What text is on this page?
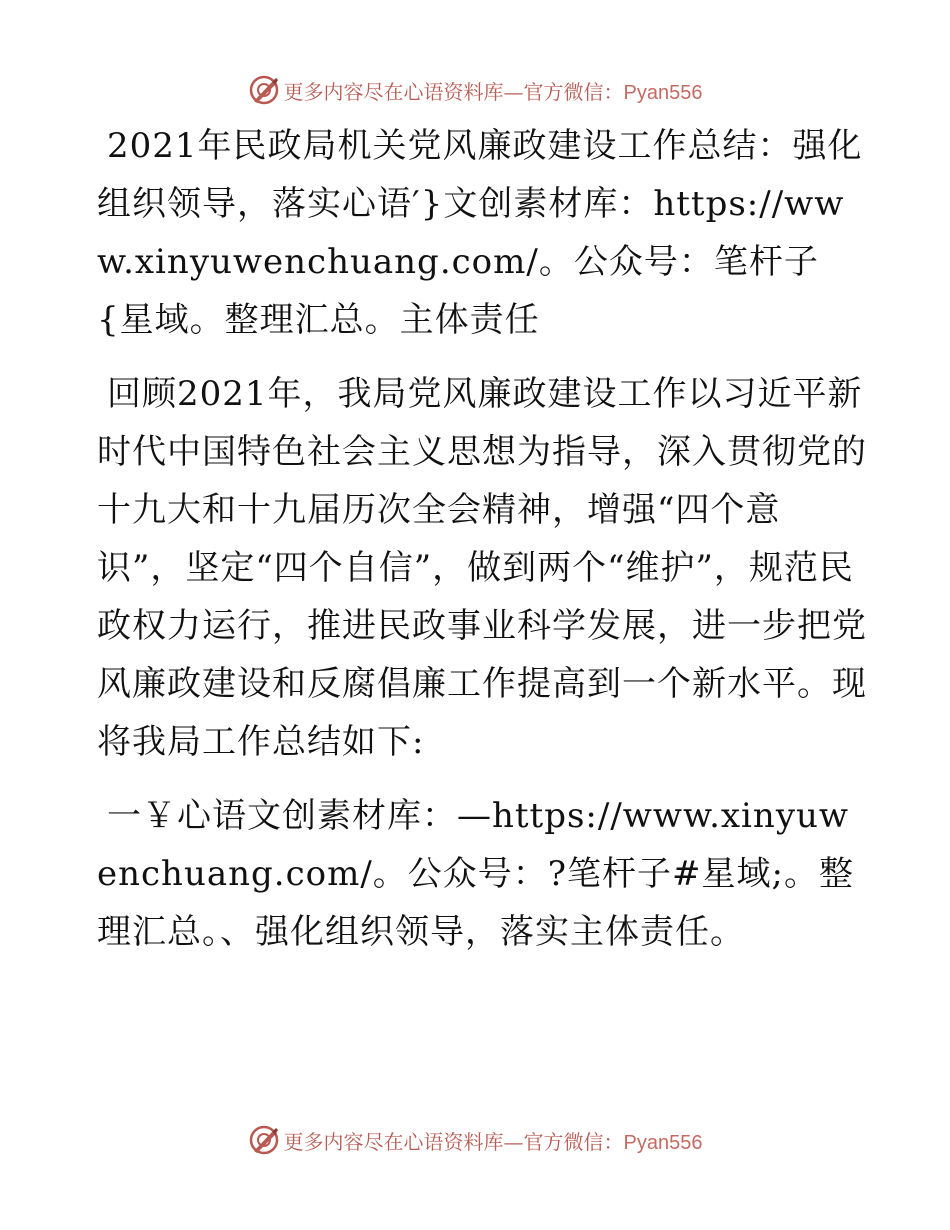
更多内容尽在心语资料库—官方微信：Pyan556

2021年民政局机关党风廉政建设工作总结：强化组织领导，落实心语′}文创素材库：https://www.xinyuwenchuang.com/。公众号：笔杆子{星域。整理汇总。主体责任

回顾2021年，我局党风廉政建设工作以习近平新时代中国特色社会主义思想为指导，深入贯彻党的十九大和十九届历次全会精神，增强“四个意识”，坚定“四个自信”，做到两个“维护”，规范民政权力运行，推进民政事业科学发展，进一步把党风廉政建设和反腐倡廉工作提高到一个新水平。现将我局工作总结如下:

一￥心语文创素材库：—https://www.xinyuwenchuang.com/。公众号：?笔杆子#星域;。整理汇总。、强化组织领导，落实主体责任。

更多内容尽在心语资料库—官方微信：Pyan556
